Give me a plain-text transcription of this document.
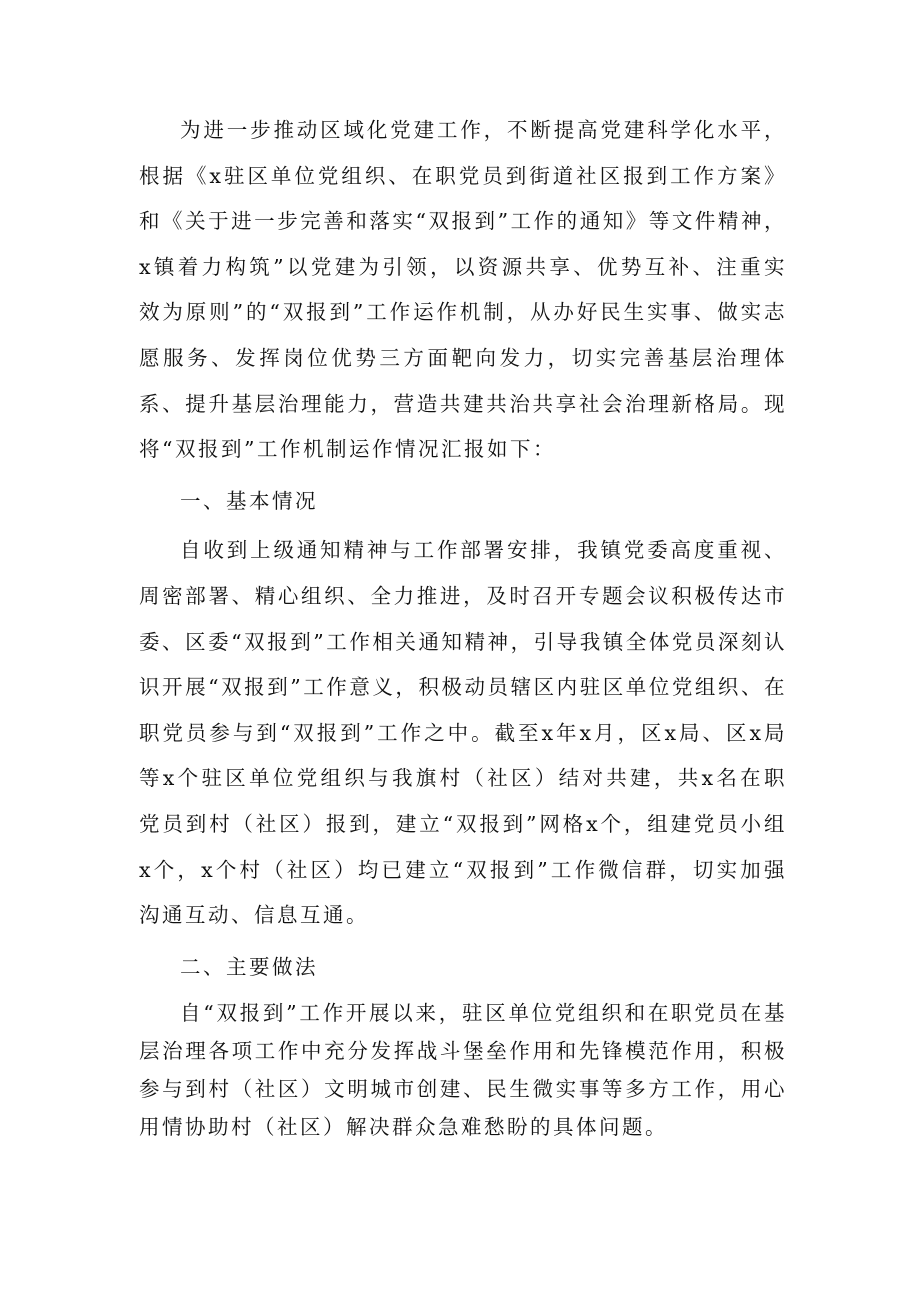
为进一步推动区域化党建工作，不断提高党建科学化水平，根据《x驻区单位党组织、在职党员到街道社区报到工作方案》和《关于进一步完善和落实“双报到”工作的通知》等文件精神，x镇着力构筑”以党建为引领，以资源共享、优势互补、注重实效为原则”的“双报到”工作运作机制，从办好民生实事、做实志愿服务、发挥岗位优势三方面靶向发力，切实完善基层治理体系、提升基层治理能力，营造共建共治共享社会治理新格局。现将“双报到”工作机制运作情况汇报如下：

一、基本情况

自收到上级通知精神与工作部署安排，我镇党委高度重视、周密部署、精心组织、全力推进，及时召开专题会议积极传达市委、区委“双报到”工作相关通知精神，引导我镇全体党员深刻认识开展“双报到”工作意义，积极动员辖区内驻区单位党组织、在职党员参与到“双报到”工作之中。截至x年x月，区x局、区x局等x个驻区单位党组织与我旗村（社区）结对共建，共x名在职党员到村（社区）报到，建立“双报到”网格x个，组建党员小组x个，x个村（社区）均已建立“双报到”工作微信群，切实加强沟通互动、信息互通。

二、主要做法

自“双报到”工作开展以来，驻区单位党组织和在职党员在基层治理各项工作中充分发挥战斗堡垒作用和先锋模范作用，积极参与到村（社区）文明城市创建、民生微实事等多方工作，用心用情协助村（社区）解决群众急难愁盼的具体问题。
